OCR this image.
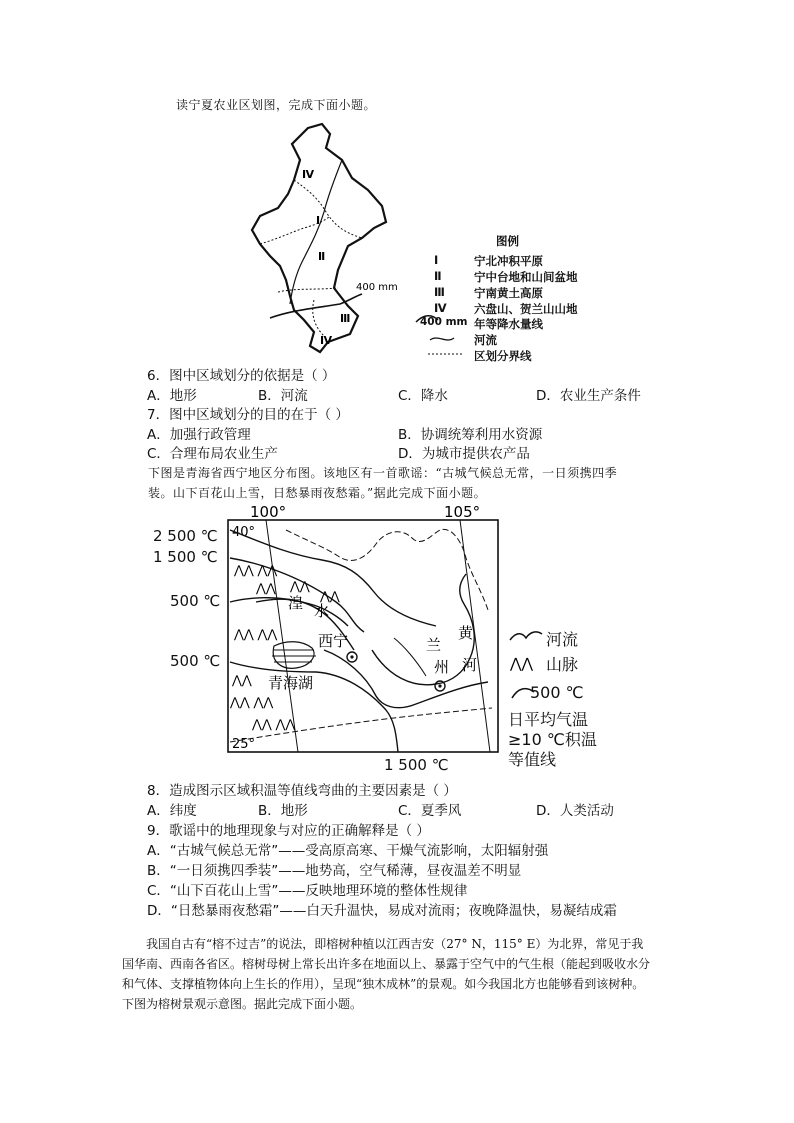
读宁夏农业区划图，完成下面小题。
Ⅳ
Ⅰ
Ⅱ
Ⅲ
Ⅳ
400 mm
图例
Ⅰ	宁北冲积平原
Ⅱ	宁中台地和山间盆地
Ⅲ	宁南黄土高原
Ⅳ 六盘山、贺兰山山地
400 mm 年等降水量线
河流
区划分界线
6．图中区域划分的依据是（ ）
A．地形	B．河流	C．降水	D．农业生产条件
7．图中区域划分的目的在于（ ）
A．加强行政管理	B．协调统筹利用水资源
C．合理布局农业生产	D．为城市提供农产品
下图是青海省西宁地区分布图。该地区有一首歌谣：“古城气候总无常，一日须携四季
装。山下百花山上雪，日愁暴雨夜愁霜。”据此完成下面小题。
2 500 ℃
1 500 ℃
500 ℃
500 ℃
1 500 ℃
100°	105°
40°
25°
⋀⋀ ⋀⋀
⋀⋀
⋀⋀
⋀⋀
⋀⋀ ⋀⋀
⋀⋀
⋀⋀ ⋀⋀
⋀⋀ ⋀⋀
湟 水
西宁
青海湖
兰
州
黄
河 ⋀⋀
河流
山脉
500 ℃
日平均气温
≥10 ℃积温
等值线
8．造成图示区域积温等值线弯曲的主要因素是（ ）
A．纬度	B．地形	C．夏季风	D．人类活动
9．歌谣中的地理现象与对应的正确解释是（ ）
A．“古城气候总无常”——受高原高寒、干燥气流影响，太阳辐射强
B．“一日须携四季装”——地势高，空气稀薄，昼夜温差不明显
C．“山下百花山上雪”——反映地理环境的整体性规律
D．“日愁暴雨夜愁霜”——白天升温快，易成对流雨；夜晚降温快，易凝结成霜
我国自古有“榕不过吉”的说法，即榕树种植以江西吉安（27° N，115° E）为北界，常见于我国华南、西南各省区。榕树母树上常长出许多在地面以上、暴露于空气中的气生根（能起到吸收水分和气体、支撑植物体向上生长的作用），呈现“独木成林”的景观。如今我国北方也能够看到该树种。下图为榕树景观示意图。据此完成下面小题。
